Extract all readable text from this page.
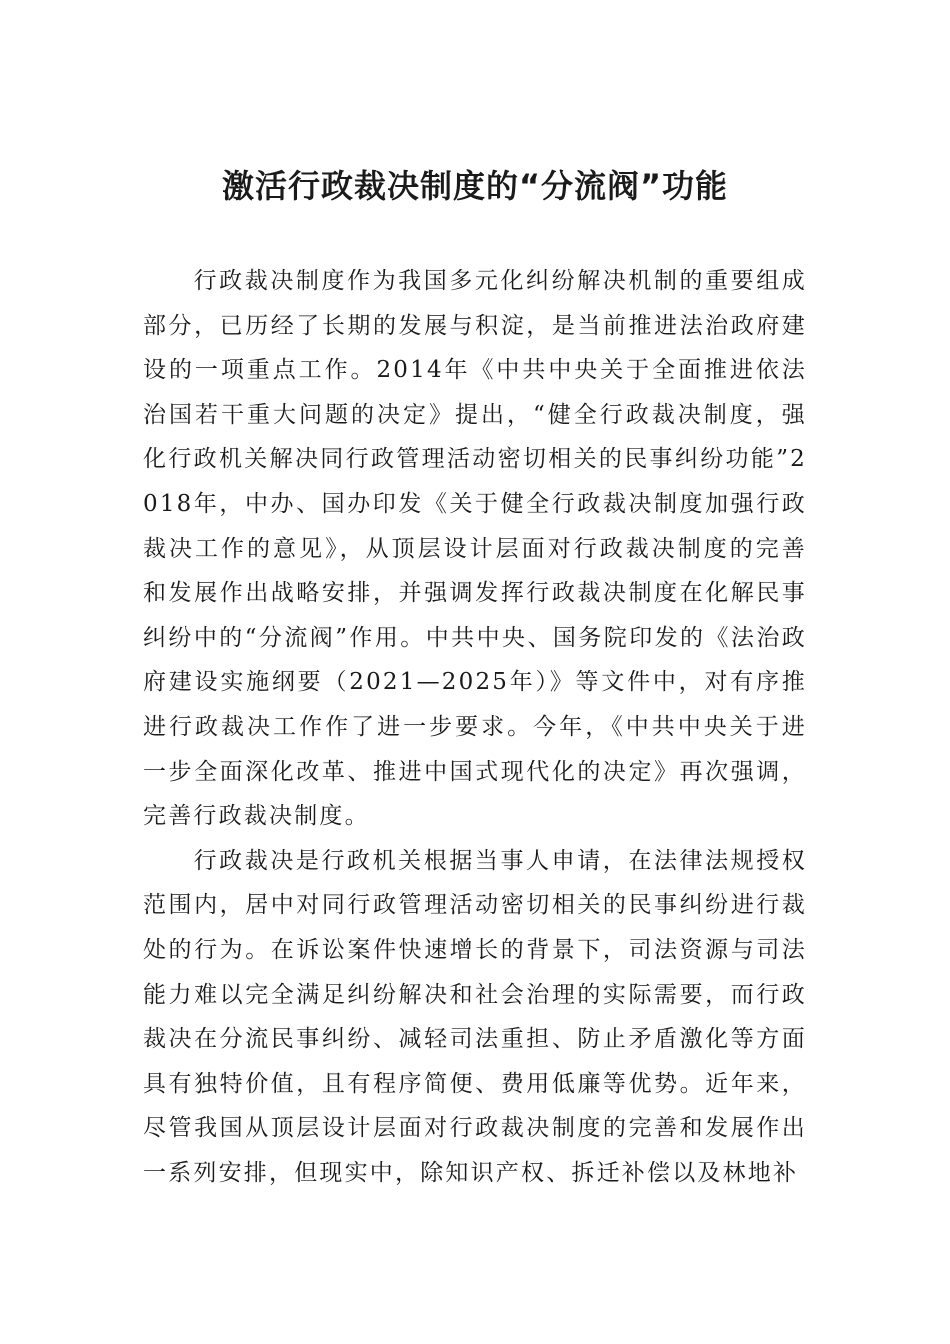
激活行政裁决制度的“分流阀”功能

行政裁决制度作为我国多元化纠纷解决机制的重要组成部分，已历经了长期的发展与积淀，是当前推进法治政府建设的一项重点工作。2014年《中共中央关于全面推进依法治国若干重大问题的决定》提出，“健全行政裁决制度，强化行政机关解决同行政管理活动密切相关的民事纠纷功能”2018年，中办、国办印发《关于健全行政裁决制度加强行政裁决工作的意见》，从顶层设计层面对行政裁决制度的完善和发展作出战略安排，并强调发挥行政裁决制度在化解民事纠纷中的“分流阀”作用。中共中央、国务院印发的《法治政府建设实施纲要（2021—2025年）》等文件中，对有序推进行政裁决工作作了进一步要求。今年，《中共中央关于进一步全面深化改革、推进中国式现代化的决定》再次强调，完善行政裁决制度。

行政裁决是行政机关根据当事人申请，在法律法规授权范围内，居中对同行政管理活动密切相关的民事纠纷进行裁处的行为。在诉讼案件快速增长的背景下，司法资源与司法能力难以完全满足纠纷解决和社会治理的实际需要，而行政裁决在分流民事纠纷、减轻司法重担、防止矛盾激化等方面具有独特价值，且有程序简便、费用低廉等优势。近年来，尽管我国从顶层设计层面对行政裁决制度的完善和发展作出一系列安排，但现实中，除知识产权、拆迁补偿以及林地补
